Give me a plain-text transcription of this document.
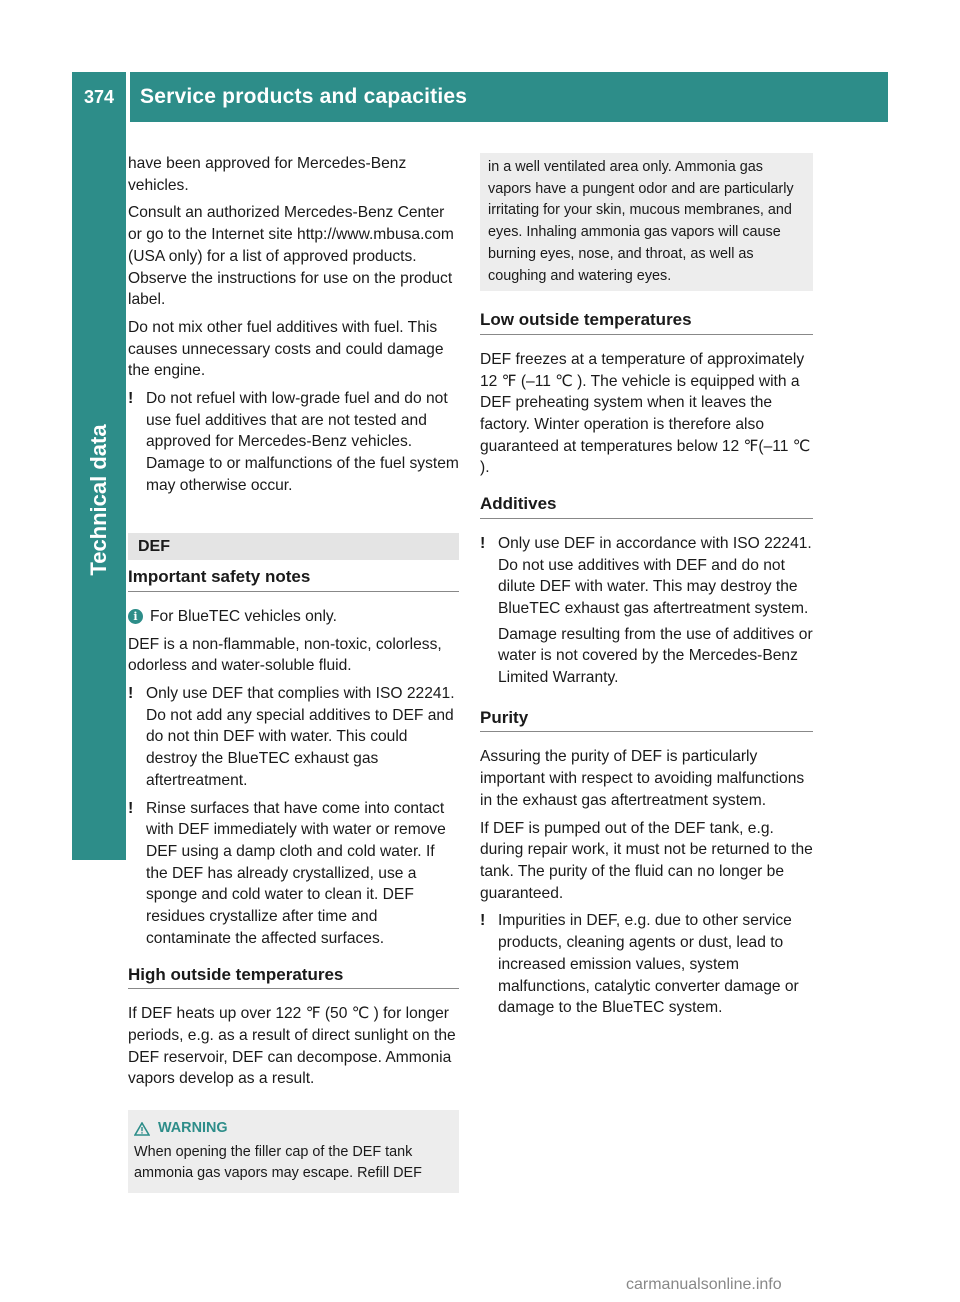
374	Service products and capacities
Technical data

have been approved for Mercedes-Benz vehicles.

Consult an authorized Mercedes-Benz Center or go to the Internet site http://www.mbusa.com (USA only) for a list of approved products. Observe the instructions for use on the product label.

Do not mix other fuel additives with fuel. This causes unnecessary costs and could damage the engine.

! Do not refuel with low-grade fuel and do not use fuel additives that are not tested and approved for Mercedes-Benz vehicles. Damage to or malfunctions of the fuel system may otherwise occur.
DEF
Important safety notes
i For BlueTEC vehicles only.

DEF is a non-flammable, non-toxic, colorless, odorless and water-soluble fluid.

! Only use DEF that complies with ISO 22241. Do not add any special additives to DEF and do not thin DEF with water. This could destroy the BlueTEC exhaust gas aftertreatment.
! Rinse surfaces that have come into contact with DEF immediately with water or remove DEF using a damp cloth and cold water. If the DEF has already crystallized, use a sponge and cold water to clean it. DEF residues crystallize after time and contaminate the affected surfaces.
High outside temperatures

If DEF heats up over 122 ℉ (50 ℃ ) for longer periods, e.g. as a result of direct sunlight on the DEF reservoir, DEF can decompose. Ammonia vapors develop as a result.

WARNING
When opening the filler cap of the DEF tank ammonia gas vapors may escape. Refill DEF
in a well ventilated area only. Ammonia gas vapors have a pungent odor and are particularly irritating for your skin, mucous membranes, and eyes. Inhaling ammonia gas vapors will cause burning eyes, nose, and throat, as well as coughing and watering eyes.
Low outside temperatures

DEF freezes at a temperature of approximately 12 ℉ (–11 ℃ ). The vehicle is equipped with a DEF preheating system when it leaves the factory. Winter operation is therefore also guaranteed at temperatures below 12 ℉(–11 ℃ ).

Additives
! Only use DEF in accordance with ISO 22241. Do not use additives with DEF and do not dilute DEF with water. This may destroy the BlueTEC exhaust gas aftertreatment system.

Damage resulting from the use of additives or water is not covered by the Mercedes-Benz Limited Warranty.

Purity

Assuring the purity of DEF is particularly important with respect to avoiding malfunctions in the exhaust gas aftertreatment system.

If DEF is pumped out of the DEF tank, e.g. during repair work, it must not be returned to the tank. The purity of the fluid can no longer be guaranteed.

! Impurities in DEF, e.g. due to other service products, cleaning agents or dust, lead to increased emission values, system malfunctions, catalytic converter damage or damage to the BlueTEC system.
carmanualsonline.info
